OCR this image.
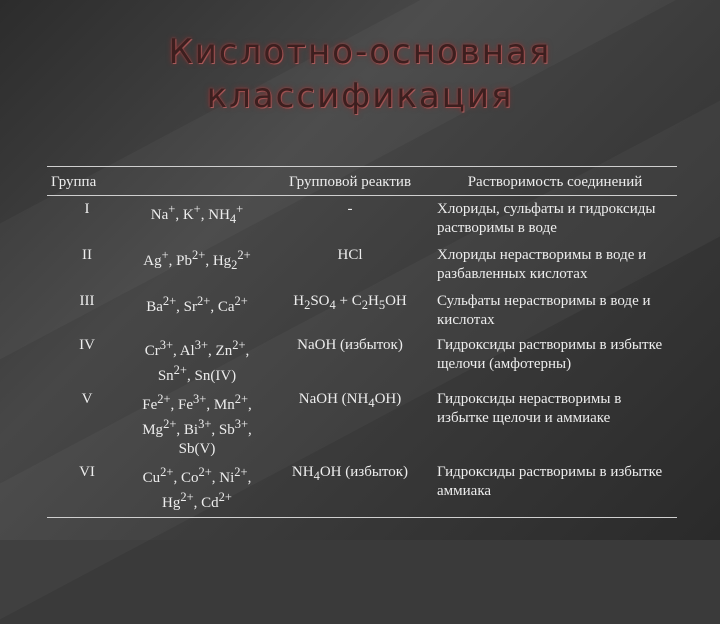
Кислотно-основная
классификация
Группа		Групповой реактив	Растворимость соединений
I	Na+, K+, $NH_4^+$	-	Хлориды, сульфаты и гидроксиды растворимы в воде
II	Ag+, $Pb^{2+}$, $Hg_2^{2+}$	HCl	Хлориды нерастворимы в воде и разбавленных кислотах
III	$Ba^{2+}$, $Sr^{2+}$, $Ca^{2+}$	$H_2SO_4 + C_2H_5OH$	Сульфаты нерастворимы в воде и кислотах
IV	$Cr^{3+}$, $Al^{3+}$, $Zn^{2+}$, $Sn^{2+}$, Sn(IV)	NaOH (избыток)	Гидроксиды растворимы в избытке щелочи (амфотерны)
V	$Fe^{2+}$, $Fe^{3+}$, $Mn^{2+}$, $Mg^{2+}$, $Bi^{3+}$, $Sb^{3+}$, Sb(V)	NaOH $(NH_4OH)$	Гидроксиды нерастворимы в избытке щелочи и аммиаке
VI	$Cu^{2+}$, $Co^{2+}$, $Ni^{2+}$, $Hg^{2+}$, $Cd^{2+}$	$NH_4OH$ (избыток)	Гидроксиды растворимы в избытке аммиака
